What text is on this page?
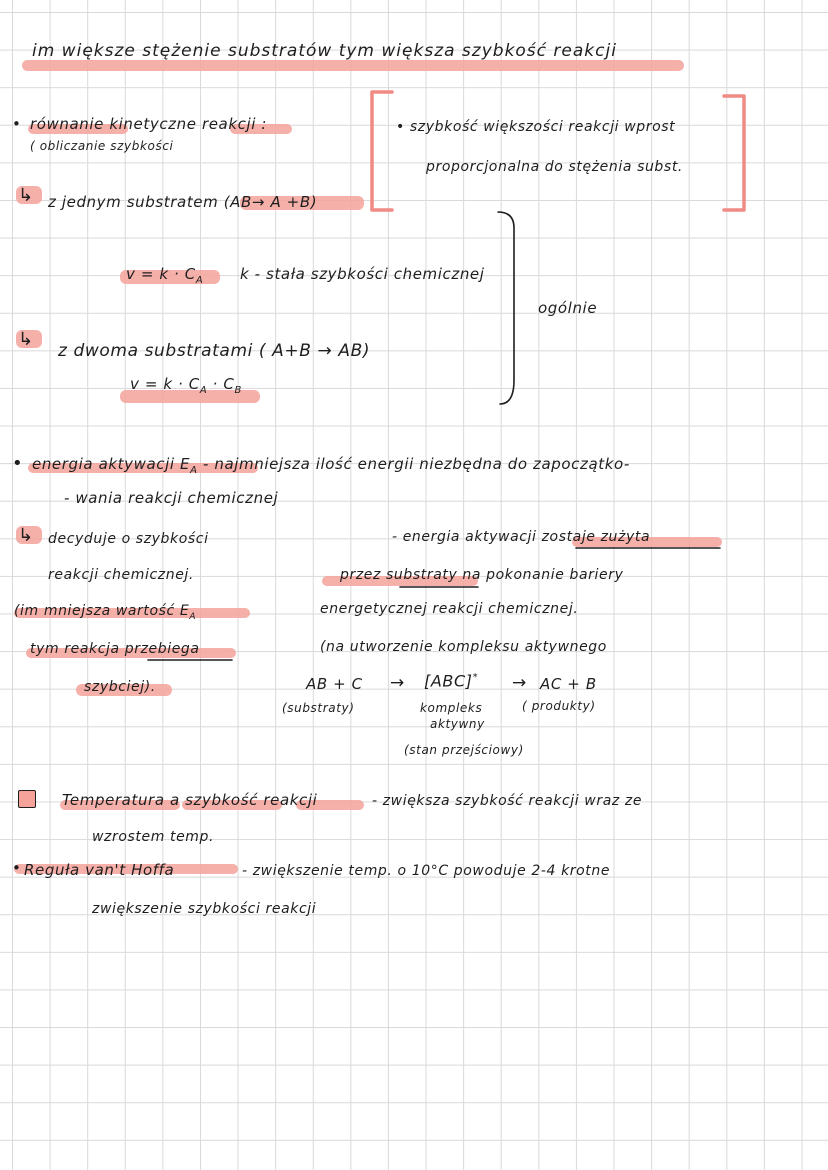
im większe stężenie substratów tym większa szybkość reakcji
• równanie kinetyczne reakcji :
( obliczanie szybkości
• szybkość większości reakcji wprost
proporcjonalna do stężenia subst.
↳ z jednym substratem (AB→ A +B)
$v = k \cdot C_A$ k - stała szybkości chemicznej
ogólnie
↳
z dwoma substratami ( A+B → AB)
$v = k \cdot C_A \cdot C_B$
• energia aktywacji $E_A$ - najmniejsza ilość energii niezbędna do zapoczątko-
- wania reakcji chemicznej
↳ decyduje o szybkości
reakcji chemicznej.
(im mniejsza wartość $E_A$
tym reakcja przebiega
szybciej).
- energia aktywacji zostaje zużyta
przez substraty na pokonanie bariery
energetycznej reakcji chemicznej.
(na utworzenie kompleksu aktywnego
AB + C → [ABC]* → AC + B
(substraty)	kompleks
aktywny
( produkty)
(stan przejściowy)
Temperatura a szybkość reakcji	- zwiększa szybkość reakcji wraz ze
wzrostem temp.
• Reguła van't Hoffa	- zwiększenie temp. o 10°C powoduje 2-4 krotne
zwiększenie szybkości reakcji
